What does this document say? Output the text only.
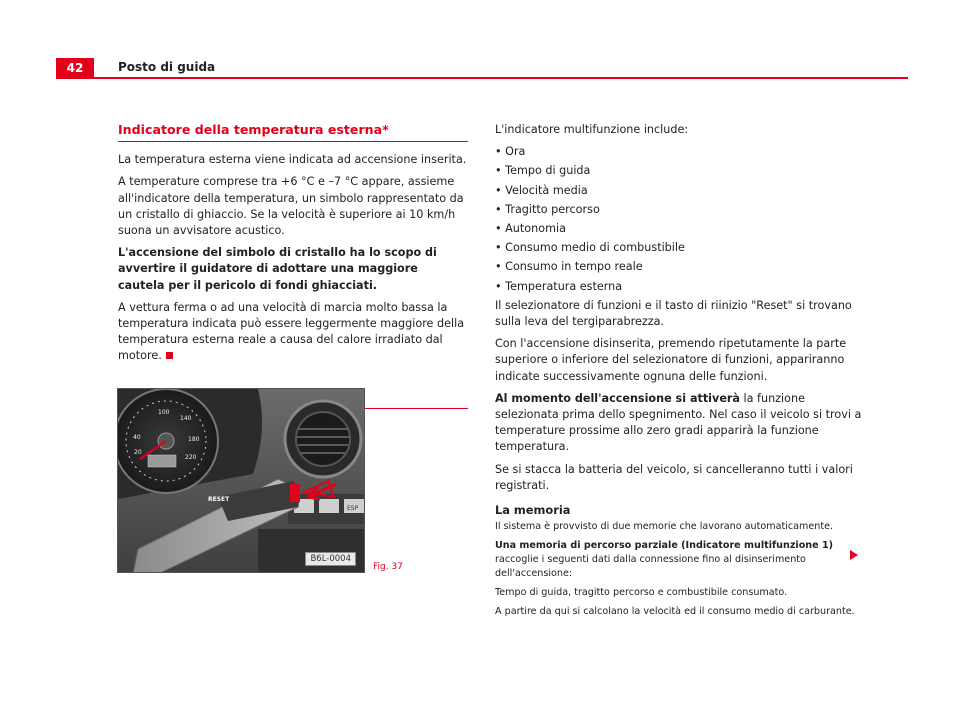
42	Posto di guida
Indicatore della temperatura esterna*
La temperatura esterna viene indicata ad accensione inserita.
A temperature comprese tra +6 °C e –7 °C appare, assieme all'indicatore della temperatura, un simbolo rappresentato da un cristallo di ghiaccio. Se la velocità è superiore ai 10 km/h suona un avvisatore acustico.
L'accensione del simbolo di cristallo ha lo scopo di avvertire il guidatore di adottare una maggiore cautela per il pericolo di fondi ghiacciati.
A vettura ferma o ad una velocità di marcia molto bassa la temperatura indicata può essere leggermente maggiore della temperatura esterna reale a causa del calore irradiato dal motore.
100
140
180
220
40
20
ESP
RESET
B6L-0004
Fig. 37
L'indicatore multifunzione include:
• Ora
• Tempo di guida
• Velocità media
• Tragitto percorso
• Autonomia
• Consumo medio di combustibile
• Consumo in tempo reale
• Temperatura esterna
Il selezionatore di funzioni e il tasto di riinizio "Reset" si trovano sulla leva del tergiparabrezza.
Con l'accensione disinserita, premendo ripetutamente la parte superiore o inferiore del selezionatore di funzioni, appariranno indicate successivamente ognuna delle funzioni.
Al momento dell'accensione si attiverà la funzione selezionata prima dello spegnimento. Nel caso il veicolo si trovi a temperature prossime allo zero gradi apparirà la funzione temperatura.
Se si stacca la batteria del veicolo, si cancelleranno tutti i valori registrati.
La memoria
Il sistema è provvisto di due memorie che lavorano automaticamente.
Una memoria di percorso parziale (Indicatore multifunzione 1) raccoglie i seguenti dati dalla connessione fino al disinserimento dell'accensione:
Tempo di guida, tragitto percorso e combustibile consumato.
A partire da qui si calcolano la velocità ed il consumo medio di carburante.
